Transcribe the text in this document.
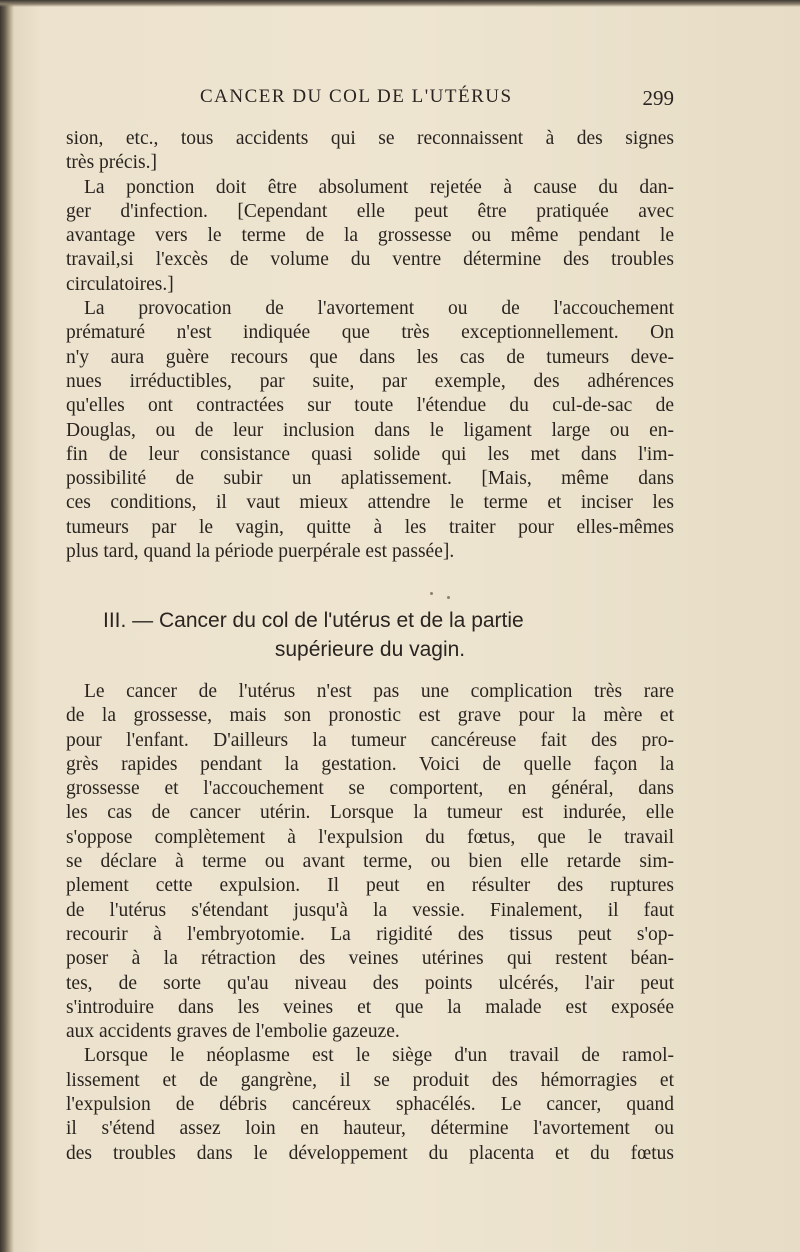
CANCER DU COL DE L'UTÉRUS	299
sion, etc., tous accidents qui se reconnaissent à des signes
très précis.]
La ponction doit être absolument rejetée à cause du dan-
ger d'infection. [Cependant elle peut être pratiquée avec
avantage vers le terme de la grossesse ou même pendant le
travail,si l'excès de volume du ventre détermine des troubles
circulatoires.]
La provocation de l'avortement ou de l'accouchement
prématuré n'est indiquée que très exceptionnellement. On
n'y aura guère recours que dans les cas de tumeurs deve-
nues irréductibles, par suite, par exemple, des adhérences
qu'elles ont contractées sur toute l'étendue du cul-de-sac de
Douglas, ou de leur inclusion dans le ligament large ou en-
fin de leur consistance quasi solide qui les met dans l'im-
possibilité de subir un aplatissement. [Mais, même dans
ces conditions, il vaut mieux attendre le terme et inciser les
tumeurs par le vagin, quitte à les traiter pour elles-mêmes
plus tard, quand la période puerpérale est passée].
III. — Cancer du col de l'utérus et de la partie
supérieure du vagin.
Le cancer de l'utérus n'est pas une complication très rare
de la grossesse, mais son pronostic est grave pour la mère et
pour l'enfant. D'ailleurs la tumeur cancéreuse fait des pro-
grès rapides pendant la gestation. Voici de quelle façon la
grossesse et l'accouchement se comportent, en général, dans
les cas de cancer utérin. Lorsque la tumeur est indurée, elle
s'oppose complètement à l'expulsion du fœtus, que le travail
se déclare à terme ou avant terme, ou bien elle retarde sim-
plement cette expulsion. Il peut en résulter des ruptures
de l'utérus s'étendant jusqu'à la vessie. Finalement, il faut
recourir à l'embryotomie. La rigidité des tissus peut s'op-
poser à la rétraction des veines utérines qui restent béan-
tes, de sorte qu'au niveau des points ulcérés, l'air peut
s'introduire dans les veines et que la malade est exposée
aux accidents graves de l'embolie gazeuze.
Lorsque le néoplasme est le siège d'un travail de ramol-
lissement et de gangrène, il se produit des hémorragies et
l'expulsion de débris cancéreux sphacélés. Le cancer, quand
il s'étend assez loin en hauteur, détermine l'avortement ou
des troubles dans le développement du placenta et du fœtus
